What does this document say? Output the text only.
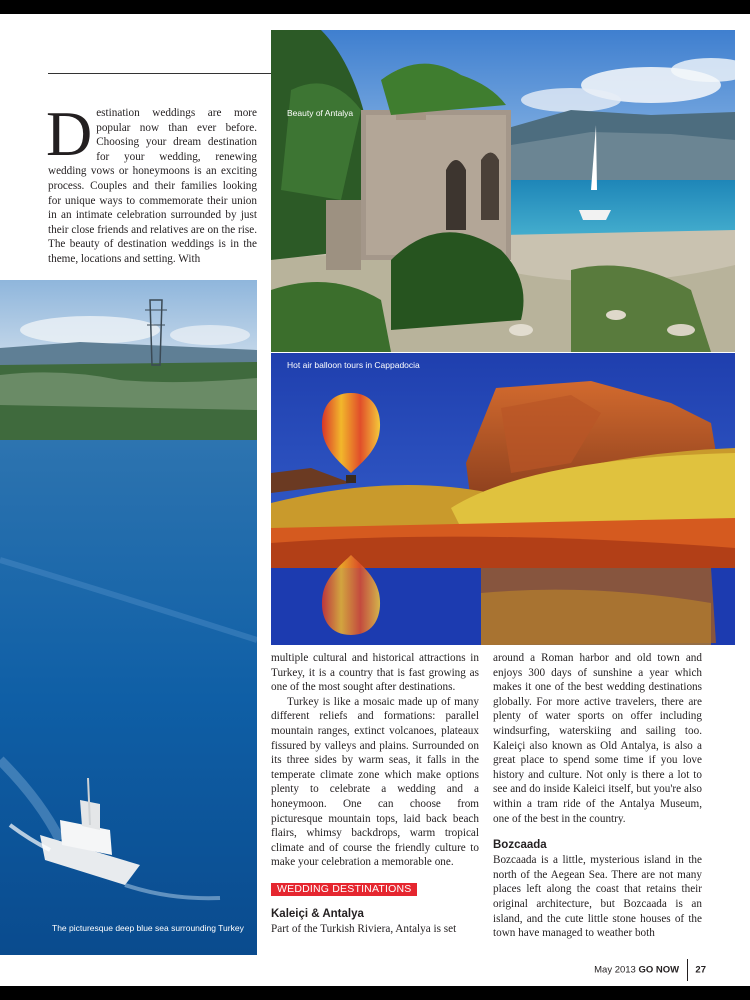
Destination weddings are more popular now than ever before. Choosing your dream destination for your wedding, renewing wedding vows or honeymoons is an exciting process. Couples and their families looking for unique ways to commemorate their union in an intimate celebration surrounded by just their close friends and relatives are on the rise. The beauty of destination weddings is in the theme, locations and setting. With
Beauty of Antalya
Hot air balloon tours in Cappadocia
The picturesque deep blue sea surrounding Turkey

multiple cultural and historical attractions in Turkey, it is a country that is fast growing as one of the most sought after destinations.

Turkey is like a mosaic made up of many different reliefs and formations: parallel mountain ranges, extinct volcanoes, plateaux fissured by valleys and plains. Surrounded on its three sides by warm seas, it falls in the temperate climate zone which make options plenty to celebrate a wedding and a honeymoon. One can choose from picturesque mountain tops, laid back beach flairs, whimsy backdrops, warm tropical climate and of course the friendly culture to make your celebration a memorable one.

WEDDING DESTINATIONS
Kaleiçi & Antalya

Part of the Turkish Riviera, Antalya is set

around a Roman harbor and old town and enjoys 300 days of sunshine a year which makes it one of the best wedding destinations globally. For more active travelers, there are plenty of water sports on offer including windsurfing, waterskiing and sailing too. Kaleiçi also known as Old Antalya, is also a great place to spend some time if you love history and culture. Not only is there a lot to see and do inside Kaleici itself, but you're also within a tram ride of the Antalya Museum, one of the best in the country.

Bozcaada

Bozcaada is a little, mysterious island in the north of the Aegean Sea. There are not many places left along the coast that retains their original architecture, but Bozcaada is an island, and the cute little stone houses of the town have managed to weather both

May 2013 GO NOW 27
